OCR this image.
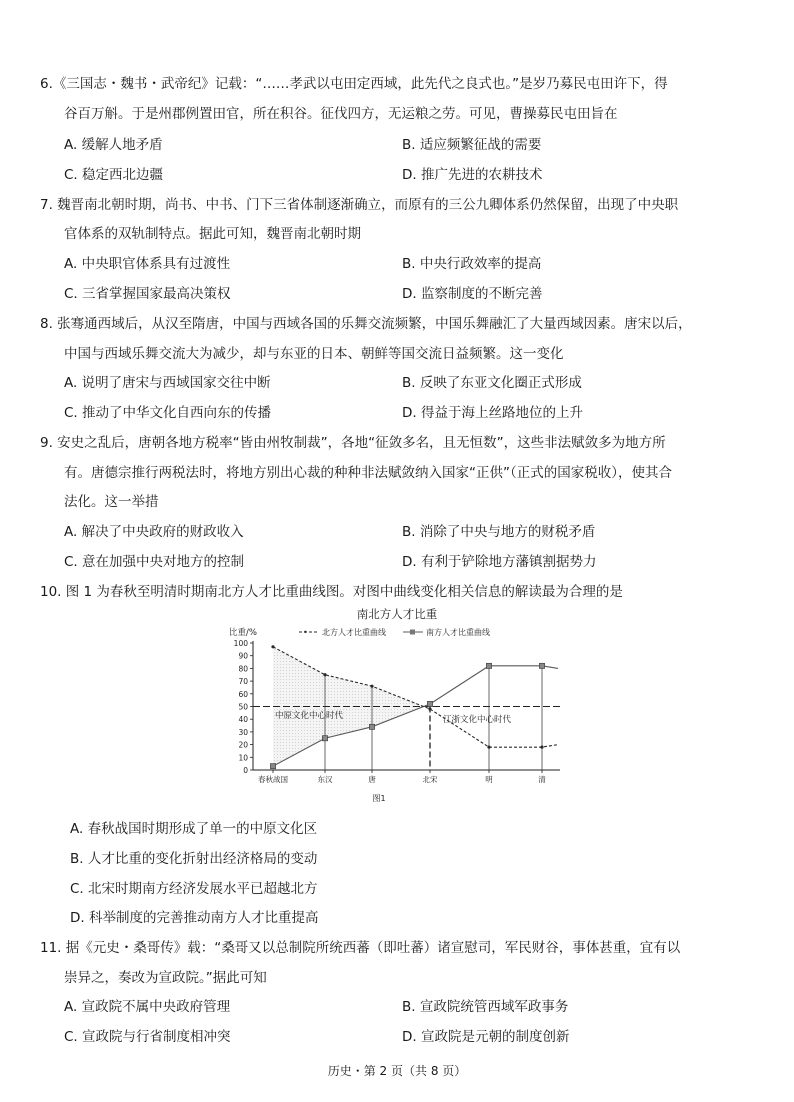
6.《三国志・魏书・武帝纪》记载：“……孝武以屯田定西域，此先代之良式也。”是岁乃募民屯田许下，得
谷百万斛。于是州郡例置田官，所在积谷。征伐四方，无运粮之劳。可见，曹操募民屯田旨在
A. 缓解人地矛盾	B. 适应频繁征战的需要
C. 稳定西北边疆	D. 推广先进的农耕技术
7. 魏晋南北朝时期，尚书、中书、门下三省体制逐渐确立，而原有的三公九卿体系仍然保留，出现了中央职
官体系的双轨制特点。据此可知，魏晋南北朝时期
A. 中央职官体系具有过渡性	B. 中央行政效率的提高
C. 三省掌握国家最高决策权	D. 监察制度的不断完善
8. 张骞通西域后，从汉至隋唐，中国与西域各国的乐舞交流频繁，中国乐舞融汇了大量西域因素。唐宋以后，
中国与西域乐舞交流大为减少，却与东亚的日本、朝鲜等国交流日益频繁。这一变化
A. 说明了唐宋与西域国家交往中断	B. 反映了东亚文化圈正式形成
C. 推动了中华文化自西向东的传播	D. 得益于海上丝路地位的上升
9. 安史之乱后，唐朝各地方税率“皆由州牧制裁”，各地“征敛多名，且无恒数”，这些非法赋敛多为地方所
有。唐德宗推行两税法时，将地方别出心裁的种种非法赋敛纳入国家“正供”（正式的国家税收），使其合
法化。这一举措
A. 解决了中央政府的财政收入	B. 消除了中央与地方的财税矛盾
C. 意在加强中央对地方的控制	D. 有利于铲除地方藩镇割据势力
10. 图 1 为春秋至明清时期南北方人才比重曲线图。对图中曲线变化相关信息的解读最为合理的是
南北方人才比重
比重/%	• 北方人才比重曲线	南方人才比重曲线
0
10
20
30
40
50
60
70
80
90
100
春秋战国	东汉	唐	北宋	明	清
中原文化中心时代	江浙文化中心时代
图1
A. 春秋战国时期形成了单一的中原文化区
B. 人才比重的变化折射出经济格局的变动
C. 北宋时期南方经济发展水平已超越北方
D. 科举制度的完善推动南方人才比重提高
11. 据《元史・桑哥传》载：“桑哥又以总制院所统西蕃（即吐蕃）诸宣慰司，军民财谷，事体甚重，宜有以
崇异之，奏改为宣政院。”据此可知
A. 宣政院不属中央政府管理	B. 宣政院统管西域军政事务
C. 宣政院与行省制度相冲突	D. 宣政院是元朝的制度创新
历史・第 2 页（共 8 页）
